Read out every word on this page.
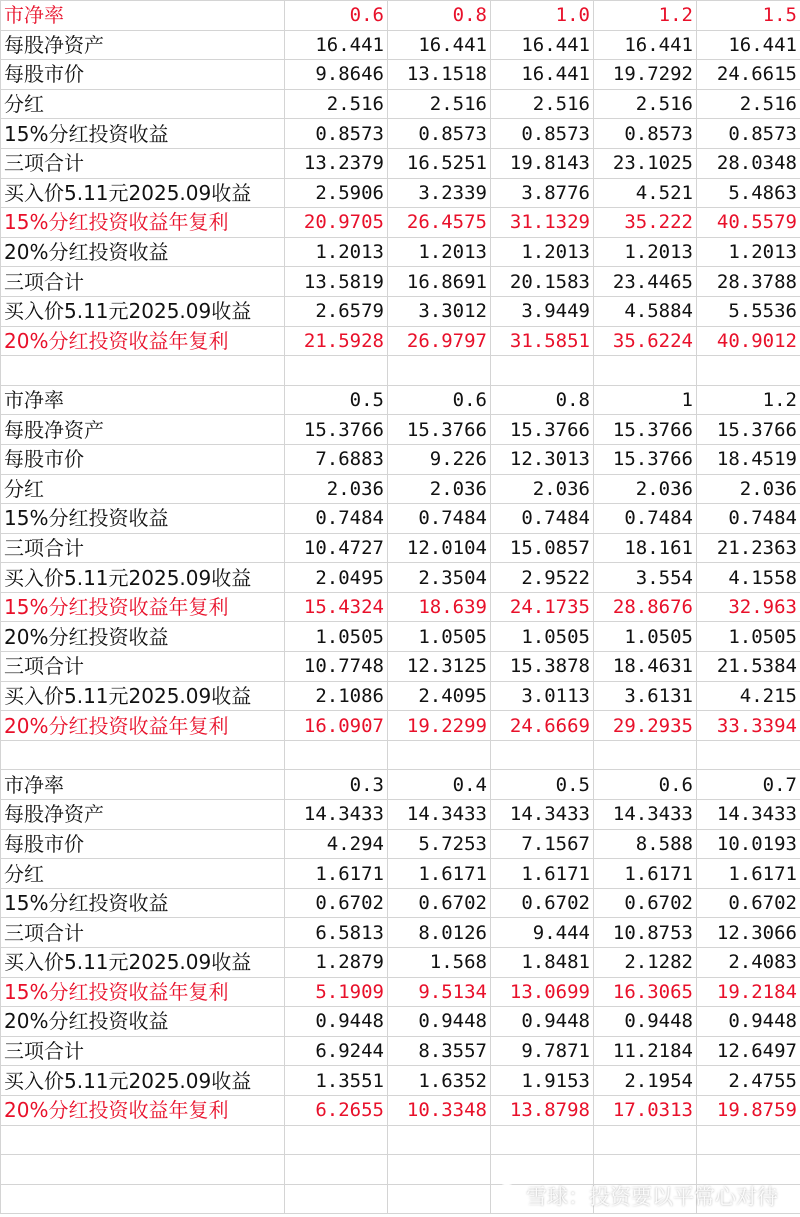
市净率	0.6	0.8	1.0	1.2	1.5
每股净资产	16.441	16.441	16.441	16.441	16.441
每股市价	9.8646	13.1518	16.441	19.7292	24.6615
分红	2.516	2.516	2.516	2.516	2.516
15%分红投资收益	0.8573	0.8573	0.8573	0.8573	0.8573
三项合计	13.2379	16.5251	19.8143	23.1025	28.0348
买入价5.11元2025.09收益	2.5906	3.2339	3.8776	4.521	5.4863
15%分红投资收益年复利	20.9705	26.4575	31.1329	35.222	40.5579
20%分红投资收益	1.2013	1.2013	1.2013	1.2013	1.2013
三项合计	13.5819	16.8691	20.1583	23.4465	28.3788
买入价5.11元2025.09收益	2.6579	3.3012	3.9449	4.5884	5.5536
20%分红投资收益年复利	21.5928	26.9797	31.5851	35.6224	40.9012

市净率	0.5	0.6	0.8	1	1.2
每股净资产	15.3766	15.3766	15.3766	15.3766	15.3766
每股市价	7.6883	9.226	12.3013	15.3766	18.4519
分红	2.036	2.036	2.036	2.036	2.036
15%分红投资收益	0.7484	0.7484	0.7484	0.7484	0.7484
三项合计	10.4727	12.0104	15.0857	18.161	21.2363
买入价5.11元2025.09收益	2.0495	2.3504	2.9522	3.554	4.1558
15%分红投资收益年复利	15.4324	18.639	24.1735	28.8676	32.963
20%分红投资收益	1.0505	1.0505	1.0505	1.0505	1.0505
三项合计	10.7748	12.3125	15.3878	18.4631	21.5384
买入价5.11元2025.09收益	2.1086	2.4095	3.0113	3.6131	4.215
20%分红投资收益年复利	16.0907	19.2299	24.6669	29.2935	33.3394

市净率	0.3	0.4	0.5	0.6	0.7
每股净资产	14.3433	14.3433	14.3433	14.3433	14.3433
每股市价	4.294	5.7253	7.1567	8.588	10.0193
分红	1.6171	1.6171	1.6171	1.6171	1.6171
15%分红投资收益	0.6702	0.6702	0.6702	0.6702	0.6702
三项合计	6.5813	8.0126	9.444	10.8753	12.3066
买入价5.11元2025.09收益	1.2879	1.568	1.8481	2.1282	2.4083
15%分红投资收益年复利	5.1909	9.5134	13.0699	16.3065	19.2184
20%分红投资收益	0.9448	0.9448	0.9448	0.9448	0.9448
三项合计	6.9244	8.3557	9.7871	11.2184	12.6497
买入价5.11元2025.09收益	1.3551	1.6352	1.9153	2.1954	2.4755
20%分红投资收益年复利	6.2655	10.3348	13.8798	17.0313	19.8759

雪球：投资要以平常心对待
